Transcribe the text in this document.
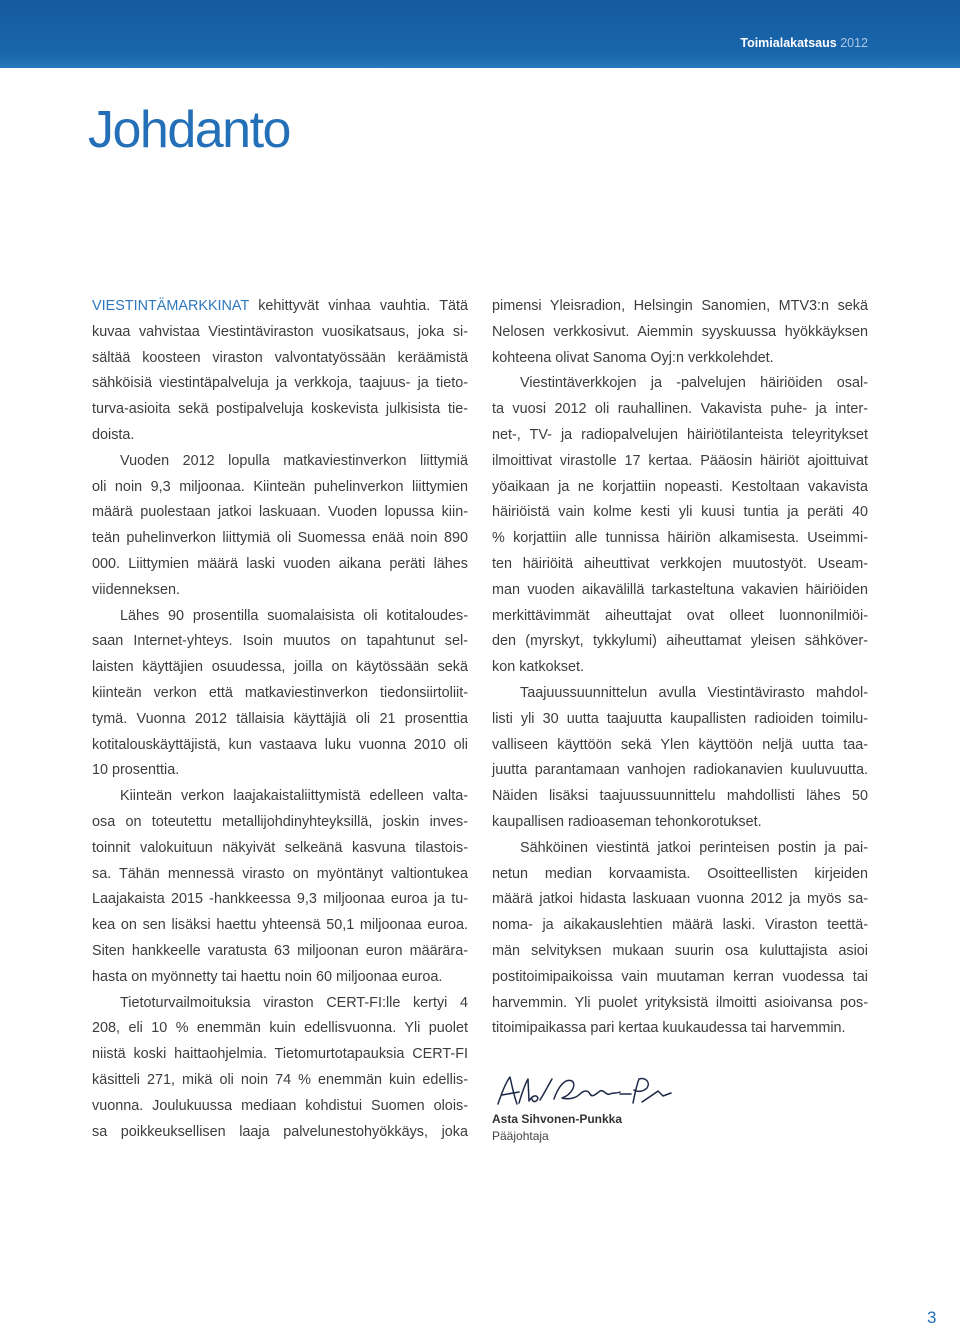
Toimialakatsaus 2012
Johdanto
VIESTINTÄMARKKINAT kehittyvät vinhaa vauhtia. Tätä
kuvaa vahvistaa Viestintäviraston vuosikatsaus, joka si-
sältää koosteen viraston valvontatyössään keräämistä
sähköisiä viestintäpalveluja ja verkkoja, taajuus- ja tieto-
turva-asioita sekä postipalveluja koskevista julkisista tie-
doista.
Vuoden 2012 lopulla matkaviestinverkon liittymiä
oli noin 9,3 miljoonaa. Kiinteän puhelinverkon liittymien
määrä puolestaan jatkoi laskuaan. Vuoden lopussa kiin-
teän puhelinverkon liittymiä oli Suomessa enää noin 890
000. Liittymien määrä laski vuoden aikana peräti lähes
viidenneksen.
Lähes 90 prosentilla suomalaisista oli kotitaloudes-
saan Internet-yhteys. Isoin muutos on tapahtunut sel-
laisten käyttäjien osuudessa, joilla on käytössään sekä
kiinteän verkon että matkaviestinverkon tiedonsiirtoliit-
tymä. Vuonna 2012 tällaisia käyttäjiä oli 21 prosenttia
kotitalouskäyttäjistä, kun vastaava luku vuonna 2010 oli
10 prosenttia.
Kiinteän verkon laajakaistaliittymistä edelleen valta-
osa on toteutettu metallijohdinyhteyksillä, joskin inves-
toinnit valokuituun näkyivät selkeänä kasvuna tilastois-
sa. Tähän mennessä virasto on myöntänyt valtiontukea
Laajakaista 2015 -hankkeessa 9,3 miljoonaa euroa ja tu-
kea on sen lisäksi haettu yhteensä 50,1 miljoonaa euroa.
Siten hankkeelle varatusta 63 miljoonan euron määrära-
hasta on myönnetty tai haettu noin 60 miljoonaa euroa.
Tietoturvailmoituksia viraston CERT-FI:lle kertyi 4
208, eli 10 % enemmän kuin edellisvuonna. Yli puolet
niistä koski haittaohjelmia. Tietomurtotapauksia CERT-FI
käsitteli 271, mikä oli noin 74 % enemmän kuin edellis-
vuonna. Joulukuussa mediaan kohdistui Suomen olois-
sa poikkeuksellisen laaja palvelunestohyökkäys, joka
pimensi Yleisradion, Helsingin Sanomien, MTV3:n sekä
Nelosen verkkosivut. Aiemmin syyskuussa hyökkäyksen
kohteena olivat Sanoma Oyj:n verkkolehdet.
Viestintäverkkojen ja -palvelujen häiriöiden osal-
ta vuosi 2012 oli rauhallinen. Vakavista puhe- ja inter-
net-, TV- ja radiopalvelujen häiriötilanteista teleyritykset
ilmoittivat virastolle 17 kertaa. Pääosin häiriöt ajoittuivat
yöaikaan ja ne korjattiin nopeasti. Kestoltaan vakavista
häiriöistä vain kolme kesti yli kuusi tuntia ja peräti 40
% korjattiin alle tunnissa häiriön alkamisesta. Useimmi-
ten häiriöitä aiheuttivat verkkojen muutostyöt. Useam-
man vuoden aikavälillä tarkasteltuna vakavien häiriöiden
merkittävimmät aiheuttajat ovat olleet luonnonilmiöi-
den (myrskyt, tykkylumi) aiheuttamat yleisen sähköver-
kon katkokset.
Taajuussuunnittelun avulla Viestintävirasto mahdol-
listi yli 30 uutta taajuutta kaupallisten radioiden toimilu-
valliseen käyttöön sekä Ylen käyttöön neljä uutta taa-
juutta parantamaan vanhojen radiokanavien kuuluvuutta.
Näiden lisäksi taajuussuunnittelu mahdollisti lähes 50
kaupallisen radioaseman tehonkorotukset.
Sähköinen viestintä jatkoi perinteisen postin ja pai-
netun median korvaamista. Osoitteellisten kirjeiden
määrä jatkoi hidasta laskuaan vuonna 2012 ja myös sa-
noma- ja aikakauslehtien määrä laski. Viraston teettä-
män selvityksen mukaan suurin osa kuluttajista asioi
postitoimipaikoissa vain muutaman kerran vuodessa tai
harvemmin. Yli puolet yrityksistä ilmoitti asioivansa pos-
titoimipaikassa pari kertaa kuukaudessa tai harvemmin.
Asta Sihvonen-Punkka
Pääjohtaja
3
